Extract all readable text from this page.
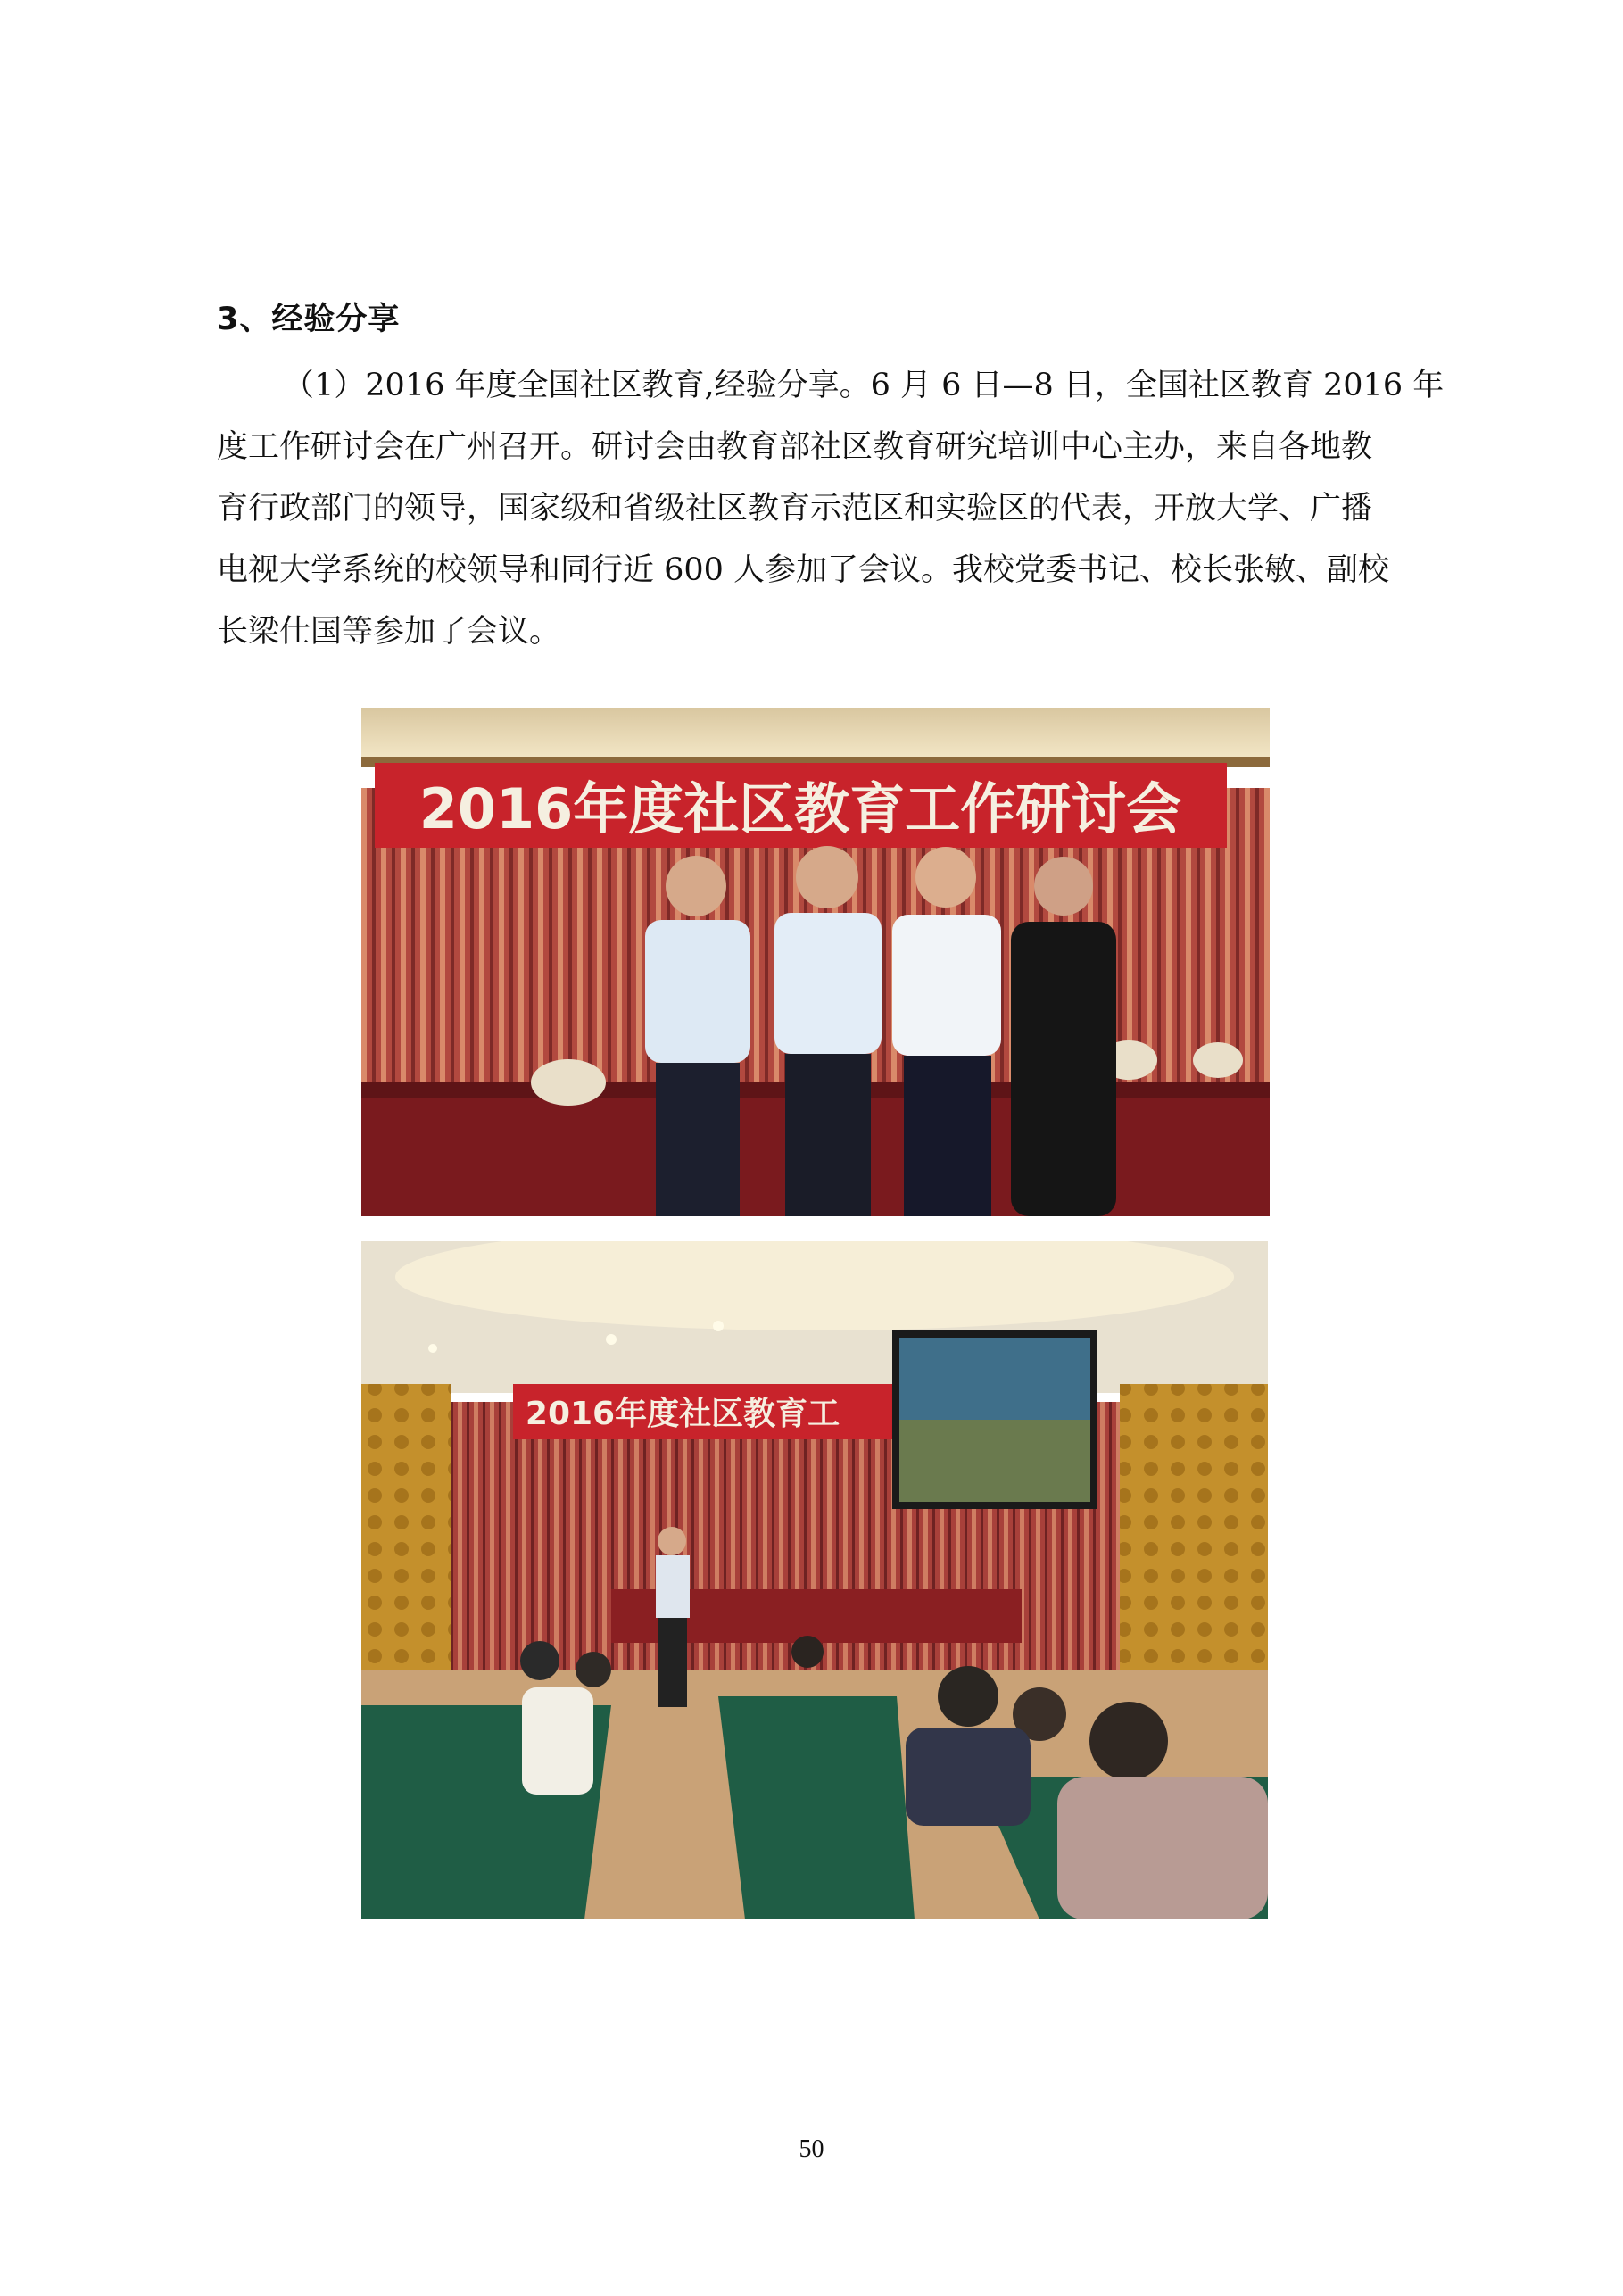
3、经验分享
（1）2016 年度全国社区教育,经验分享。6 月 6 日—8 日，全国社区教育 2016 年
度工作研讨会在广州召开。研讨会由教育部社区教育研究培训中心主办，来自各地教
育行政部门的领导，国家级和省级社区教育示范区和实验区的代表，开放大学、广播
电视大学系统的校领导和同行近 600 人参加了会议。我校党委书记、校长张敏、副校
长梁仕国等参加了会议。
2016年度社区教育工作研讨会
2016年度社区教育工
50
